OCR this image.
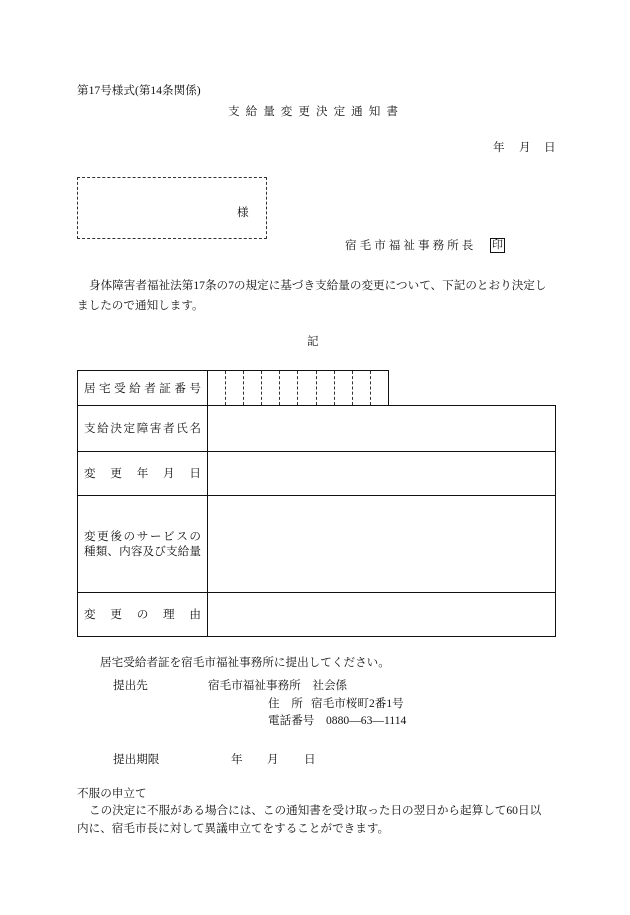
第17号様式(第14条関係)
支給量変更決定通知書
年 月 日
様
宿毛市福祉事務所長 印
身体障害者福祉法第17条の7の規定に基づき支給量の変更について、下記のとおり決定し
ましたので通知します。
記
居宅受給者証番号
支給決定障害者氏名
変　更　年　月　日
変更後のサービスの
種類、内容及び支給量
変　更　の　理　由
居宅受給者証を宿毛市福祉事務所に提出してください。
提出先	宿毛市福祉事務所　社会係
住　所 宿毛市桜町2番1号
電話番号 0880―63―1114
提出期限	年 月 日
不服の申立て
この決定に不服がある場合には、この通知書を受け取った日の翌日から起算して60日以
内に、宿毛市長に対して異議申立てをすることができます。
